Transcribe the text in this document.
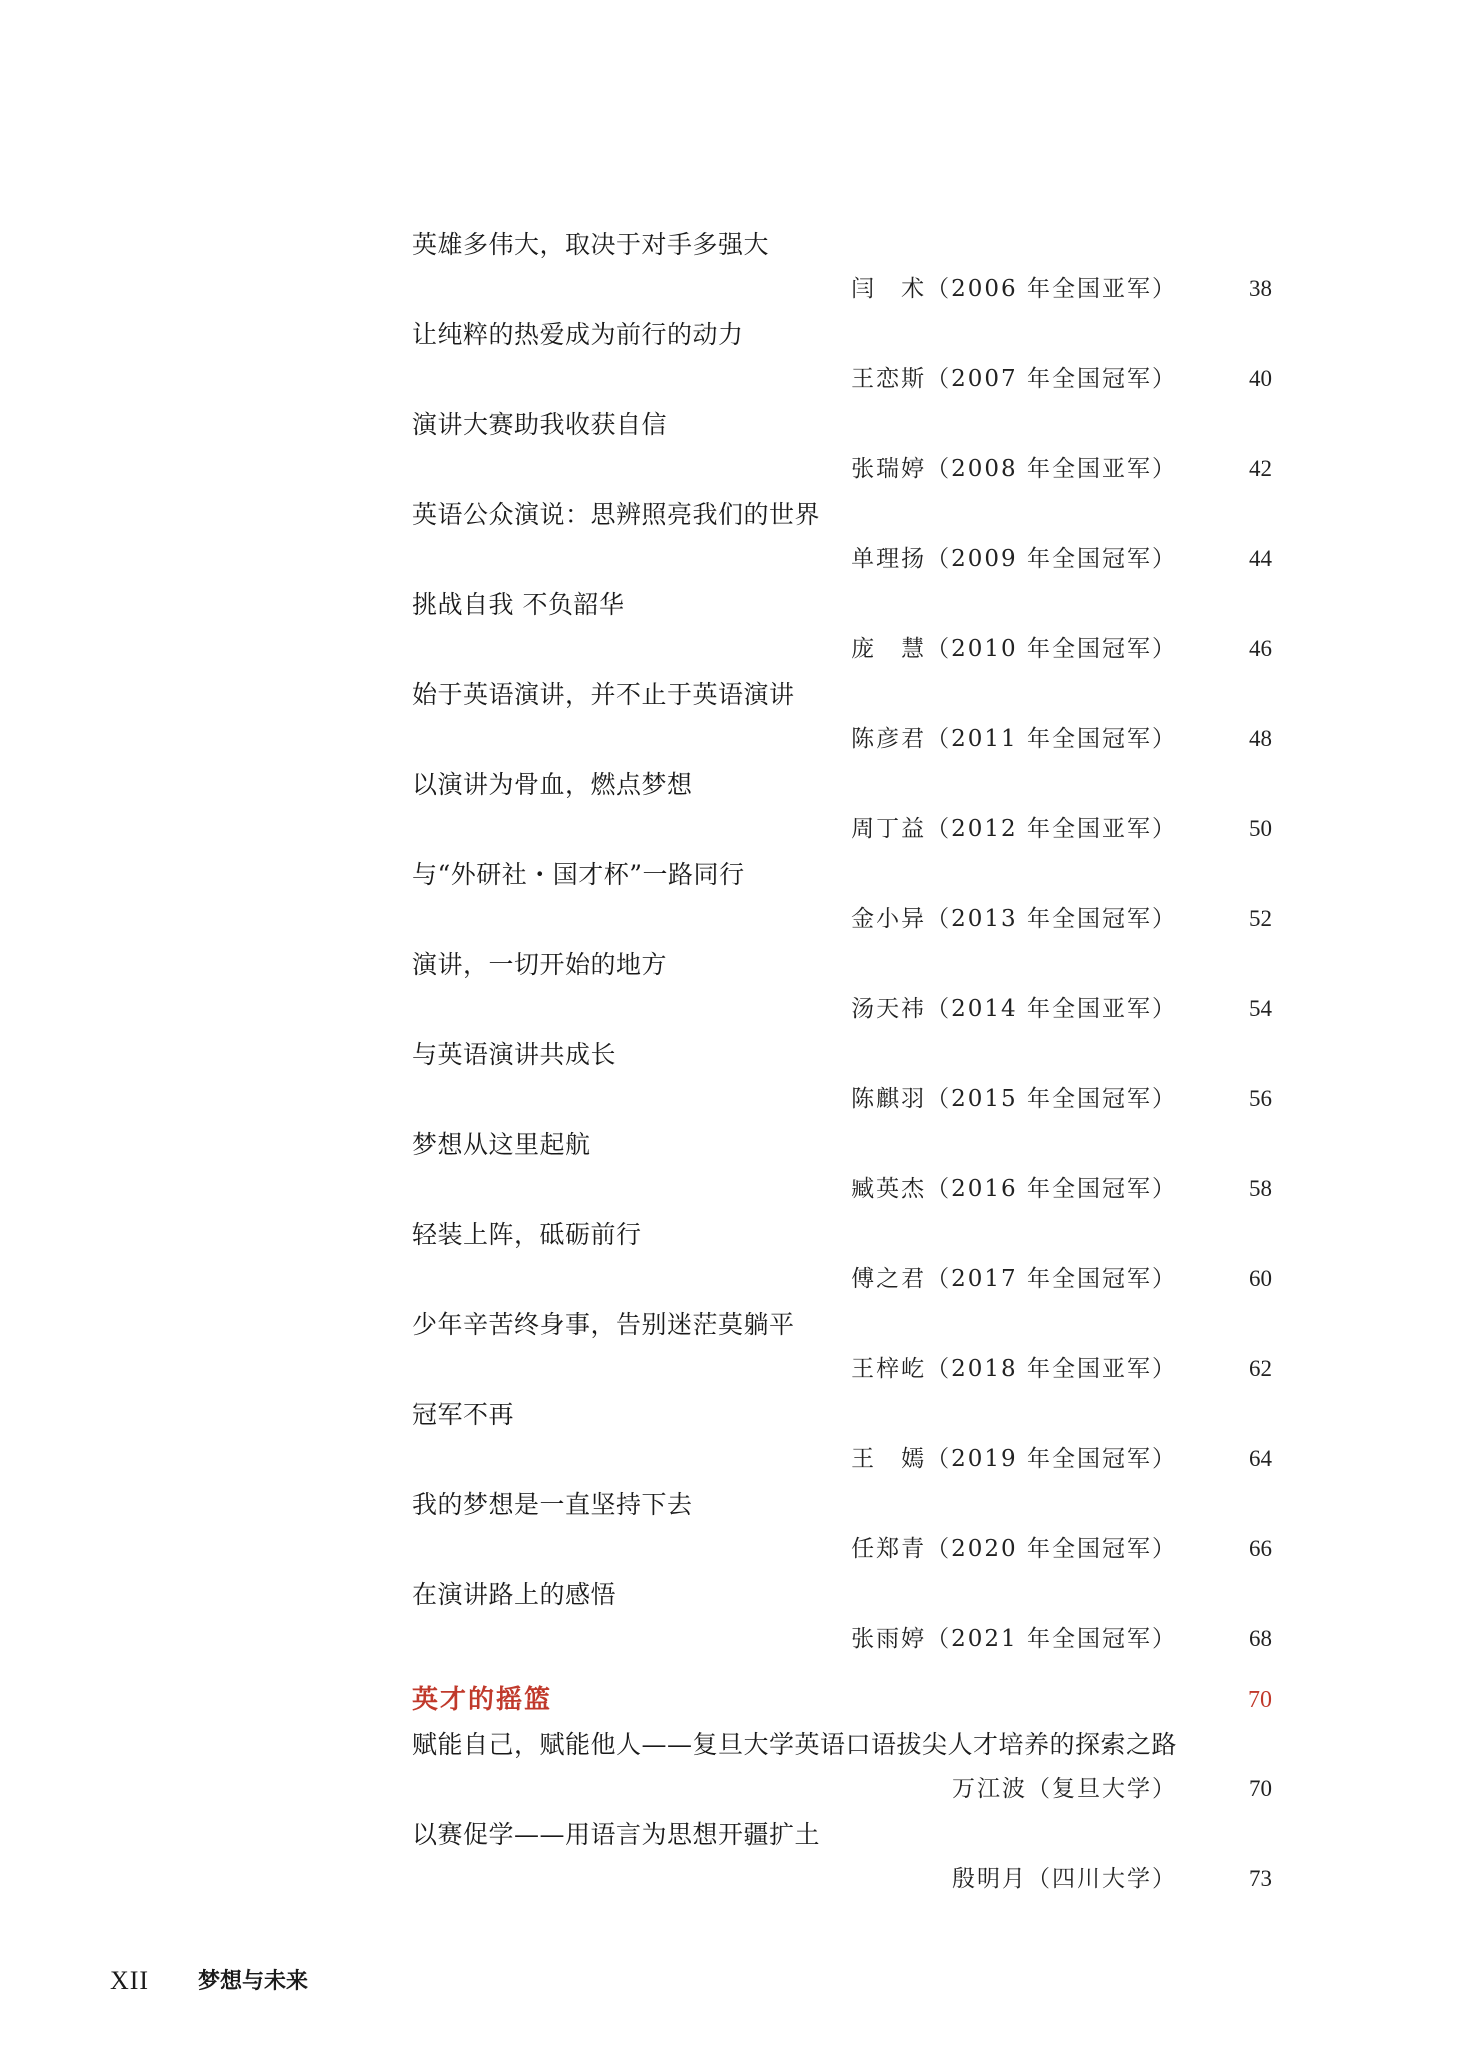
英雄多伟大，取决于对手多强大
闫　术（2006 年全国亚军）	38
让纯粹的热爱成为前行的动力
王恋斯（2007 年全国冠军）	40
演讲大赛助我收获自信
张瑞婷（2008 年全国亚军）	42
英语公众演说：思辨照亮我们的世界
单理扬（2009 年全国冠军）	44
挑战自我 不负韶华
庞　慧（2010 年全国冠军）	46
始于英语演讲，并不止于英语演讲
陈彦君（2011 年全国冠军）	48
以演讲为骨血，燃点梦想
周丁益（2012 年全国亚军）	50
与“外研社・国才杯”一路同行
金小异（2013 年全国冠军）	52
演讲，一切开始的地方
汤天祎（2014 年全国亚军）	54
与英语演讲共成长
陈麒羽（2015 年全国冠军）	56
梦想从这里起航
臧英杰（2016 年全国冠军）	58
轻装上阵，砥砺前行
傅之君（2017 年全国冠军）	60
少年辛苦终身事，告别迷茫莫躺平
王梓屹（2018 年全国亚军）	62
冠军不再
王　嫣（2019 年全国冠军）	64
我的梦想是一直坚持下去
任郑青（2020 年全国冠军）	66
在演讲路上的感悟
张雨婷（2021 年全国冠军）	68
英才的摇篮	70
赋能自己，赋能他人——复旦大学英语口语拔尖人才培养的探索之路
万江波（复旦大学）	70
以赛促学——用语言为思想开疆扩土
殷明月（四川大学）	73
XII 梦想与未来
